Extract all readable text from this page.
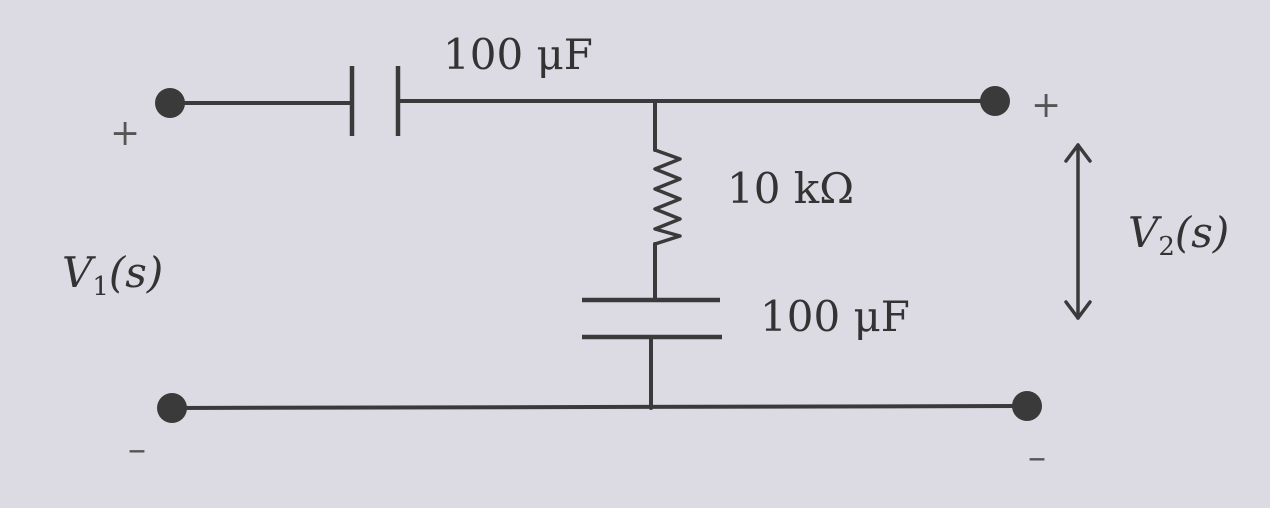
100 μF
10 kΩ
100 μF
+
–
+
–
$V_1(s)$
$V_2(s)$
